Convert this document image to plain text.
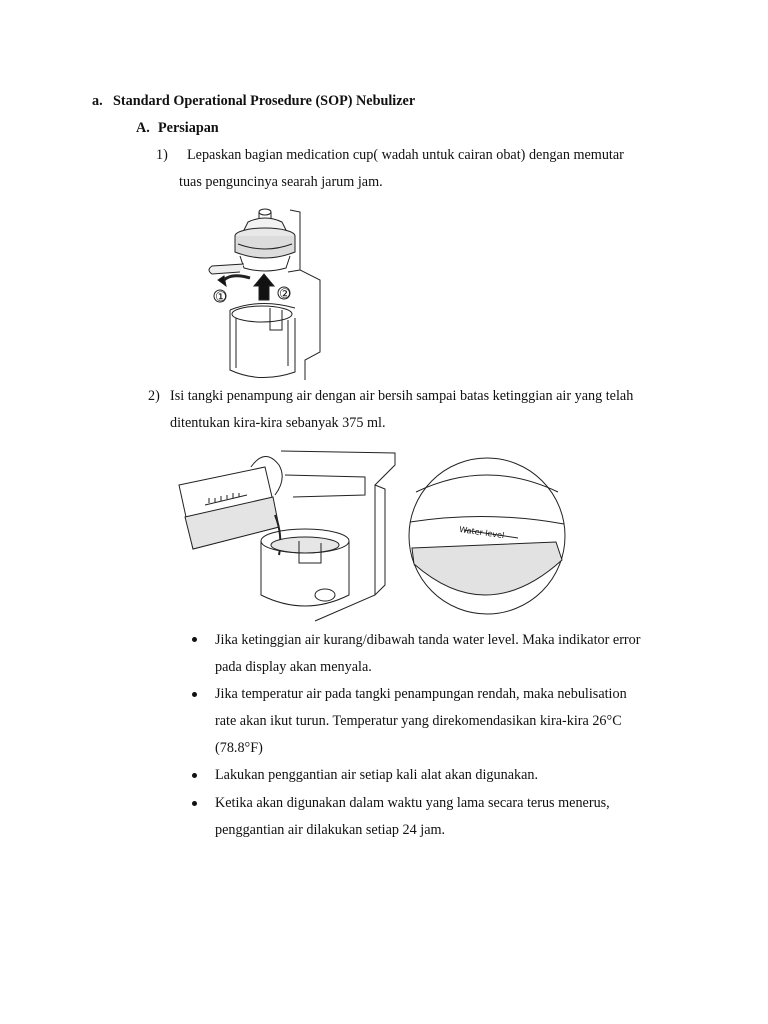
a. Standard Operational Prosedure (SOP) Nebulizer
A. Persiapan
1) Lepaskan bagian medication cup( wadah untuk cairan obat) dengan memutar
tuas penguncinya searah jarum jam.
①	②
2) Isi tangki penampung air dengan air bersih sampai batas ketinggian air yang telah
ditentukan kira-kira sebanyak 375 ml.
Water level
Jika ketinggian air kurang/dibawah tanda water level. Maka indikator error
pada display akan menyala.
Jika temperatur air pada tangki penampungan rendah, maka nebulisation
rate akan ikut turun. Temperatur yang direkomendasikan kira-kira 26°C
(78.8°F)
Lakukan penggantian air setiap kali alat akan digunakan.
Ketika akan digunakan dalam waktu yang lama secara terus menerus,
penggantian air dilakukan setiap 24 jam.
